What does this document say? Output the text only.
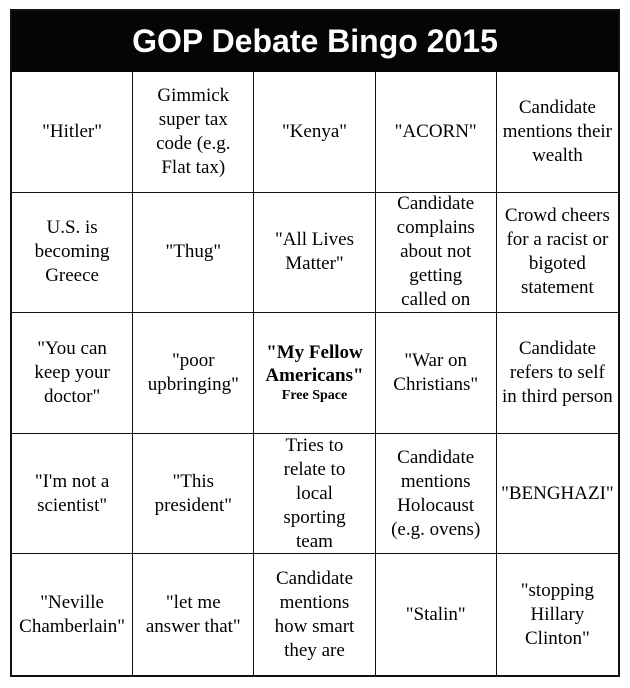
GOP Debate Bingo 2015
"Hitler"
Gimmick
super tax
code (e.g.
Flat tax)
"Kenya"	"ACORN"
Candidate
mentions their
wealth
U.S. is
becoming
Greece
"Thug"
"All Lives
Matter"
Candidate
complains
about not
getting
called on
Crowd cheers
for a racist or
bigoted
statement
"You can
keep your
doctor"
"poor
upbringing"
"My Fellow
Americans"
Free Space
"War on
Christians"
Candidate
refers to self
in third person
"I'm not a
scientist"
"This
president"
Tries to
relate to
local
sporting
team
Candidate
mentions
Holocaust
(e.g. ovens)
"BENGHAZI"
"Neville
Chamberlain"
"let me
answer that"
Candidate
mentions
how smart
they are
"Stalin"
"stopping
Hillary
Clinton"
